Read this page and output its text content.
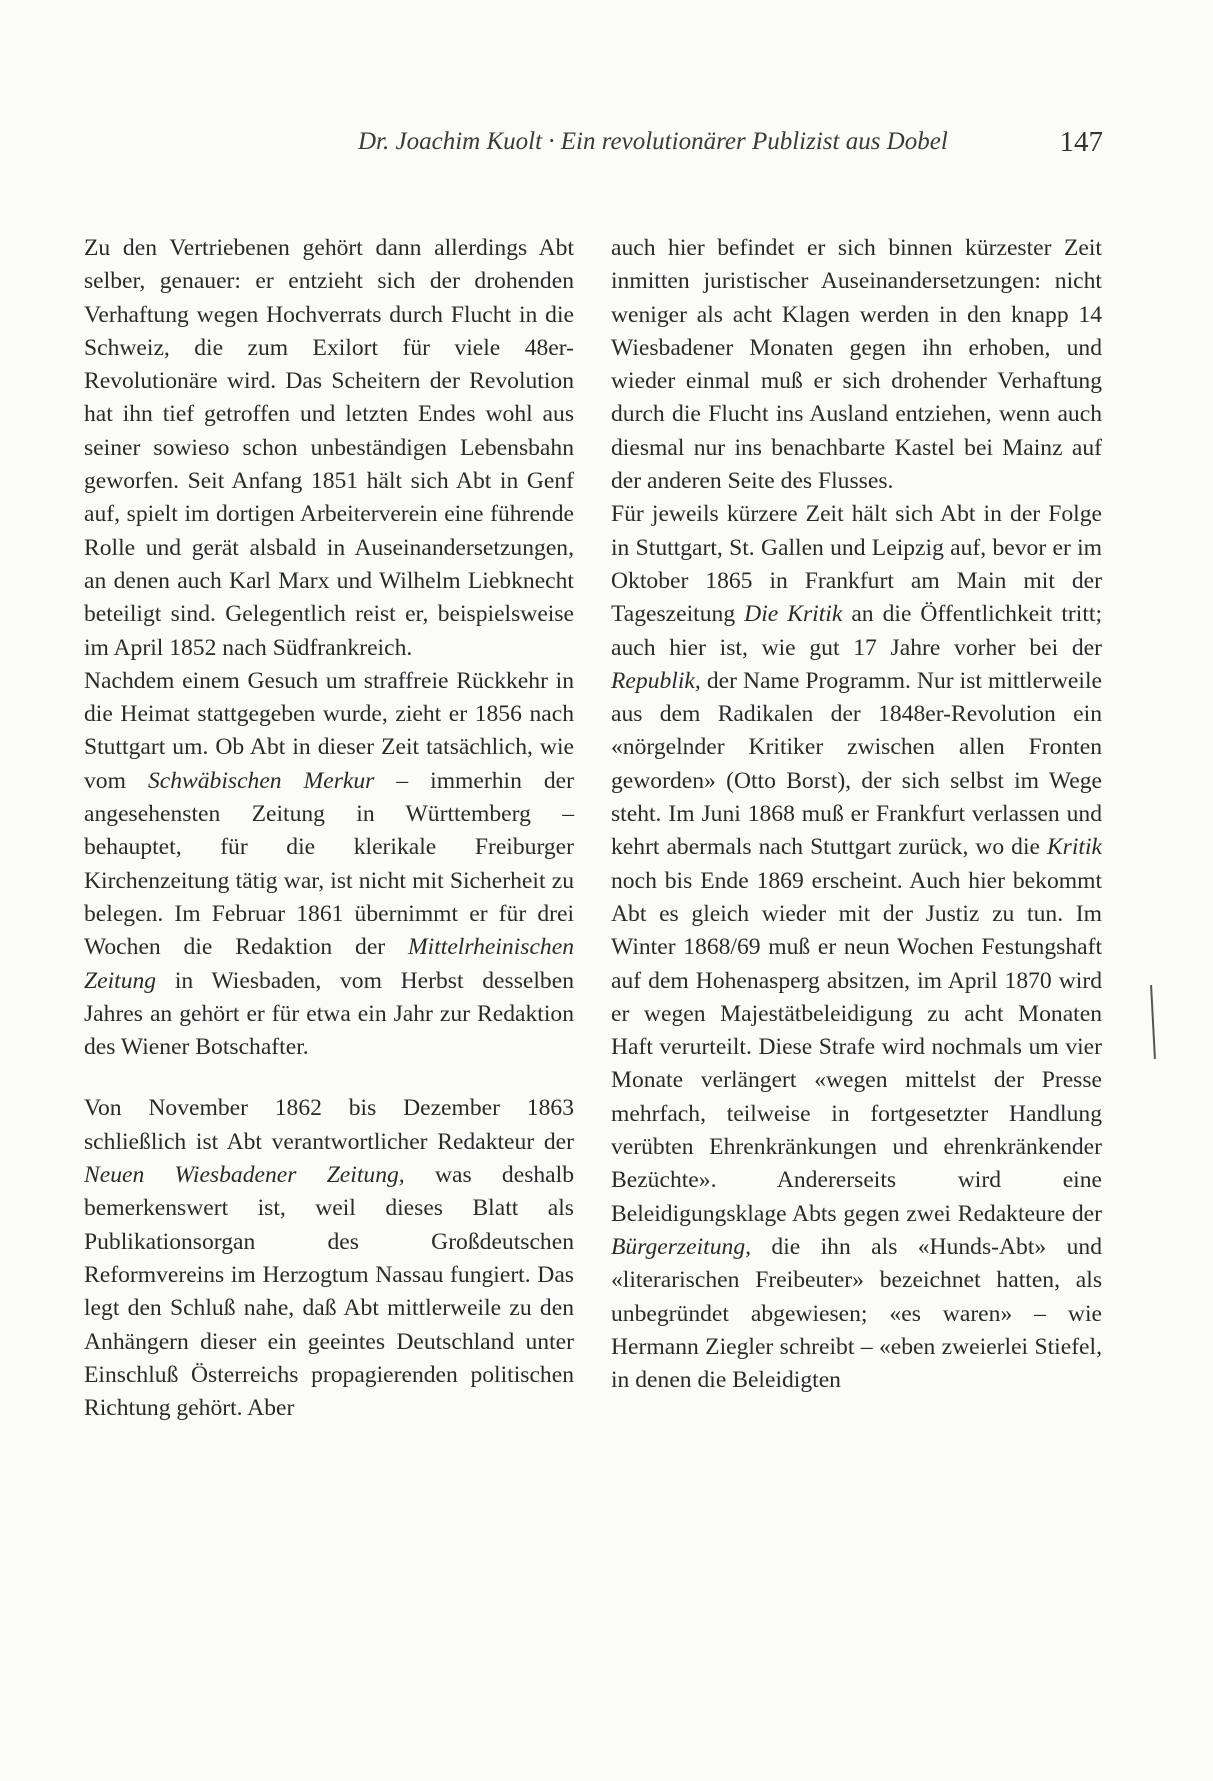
Dr. Joachim Kuolt · Ein revolutionärer Publizist aus Dobel	147

Zu den Vertriebenen gehört dann allerdings Abt selber, genauer: er entzieht sich der drohenden Verhaftung wegen Hochverrats durch Flucht in die Schweiz, die zum Exilort für viele 48er-Revolutionäre wird. Das Scheitern der Revolution hat ihn tief getroffen und letzten Endes wohl aus seiner sowieso schon unbeständigen Lebensbahn geworfen. Seit Anfang 1851 hält sich Abt in Genf auf, spielt im dortigen Arbeiterverein eine führende Rolle und gerät alsbald in Auseinandersetzungen, an denen auch Karl Marx und Wilhelm Liebknecht beteiligt sind. Gelegentlich reist er, beispielsweise im April 1852 nach Südfrankreich.

Nachdem einem Gesuch um straffreie Rückkehr in die Heimat stattgegeben wurde, zieht er 1856 nach Stuttgart um. Ob Abt in dieser Zeit tatsächlich, wie vom Schwäbischen Merkur – immerhin der angesehensten Zeitung in Württemberg – behauptet, für die klerikale Freiburger Kirchenzeitung tätig war, ist nicht mit Sicherheit zu belegen. Im Februar 1861 übernimmt er für drei Wochen die Redaktion der Mittelrheinischen Zeitung in Wiesbaden, vom Herbst desselben Jahres an gehört er für etwa ein Jahr zur Redaktion des Wiener Botschafter.

Von November 1862 bis Dezember 1863 schließlich ist Abt verantwortlicher Redakteur der Neuen Wiesbadener Zeitung, was deshalb bemerkenswert ist, weil dieses Blatt als Publikationsorgan des Großdeutschen Reformvereins im Herzogtum Nassau fungiert. Das legt den Schluß nahe, daß Abt mittlerweile zu den Anhängern dieser ein geeintes Deutschland unter Einschluß Österreichs propagierenden politischen Richtung gehört. Aber

auch hier befindet er sich binnen kürzester Zeit inmitten juristischer Auseinandersetzungen: nicht weniger als acht Klagen werden in den knapp 14 Wiesbadener Monaten gegen ihn erhoben, und wieder einmal muß er sich drohender Verhaftung durch die Flucht ins Ausland entziehen, wenn auch diesmal nur ins benachbarte Kastel bei Mainz auf der anderen Seite des Flusses.

Für jeweils kürzere Zeit hält sich Abt in der Folge in Stuttgart, St. Gallen und Leipzig auf, bevor er im Oktober 1865 in Frankfurt am Main mit der Tageszeitung Die Kritik an die Öffentlichkeit tritt; auch hier ist, wie gut 17 Jahre vorher bei der Republik, der Name Programm. Nur ist mittlerweile aus dem Radikalen der 1848er-Revolution ein «nörgelnder Kritiker zwischen allen Fronten geworden» (Otto Borst), der sich selbst im Wege steht. Im Juni 1868 muß er Frankfurt verlassen und kehrt abermals nach Stuttgart zurück, wo die Kritik noch bis Ende 1869 erscheint. Auch hier bekommt Abt es gleich wieder mit der Justiz zu tun. Im Winter 1868/69 muß er neun Wochen Festungshaft auf dem Hohenasperg absitzen, im April 1870 wird er wegen Majestätbeleidigung zu acht Monaten Haft verurteilt. Diese Strafe wird nochmals um vier Monate verlängert «wegen mittelst der Presse mehrfach, teilweise in fortgesetzter Handlung verübten Ehrenkränkungen und ehrenkränkender Bezüchte». Andererseits wird eine Beleidigungsklage Abts gegen zwei Redakteure der Bürgerzeitung, die ihn als «Hunds-Abt» und «literarischen Freibeuter» bezeichnet hatten, als unbegründet abgewiesen; «es waren» – wie Hermann Ziegler schreibt – «eben zweierlei Stiefel, in denen die Beleidigten
